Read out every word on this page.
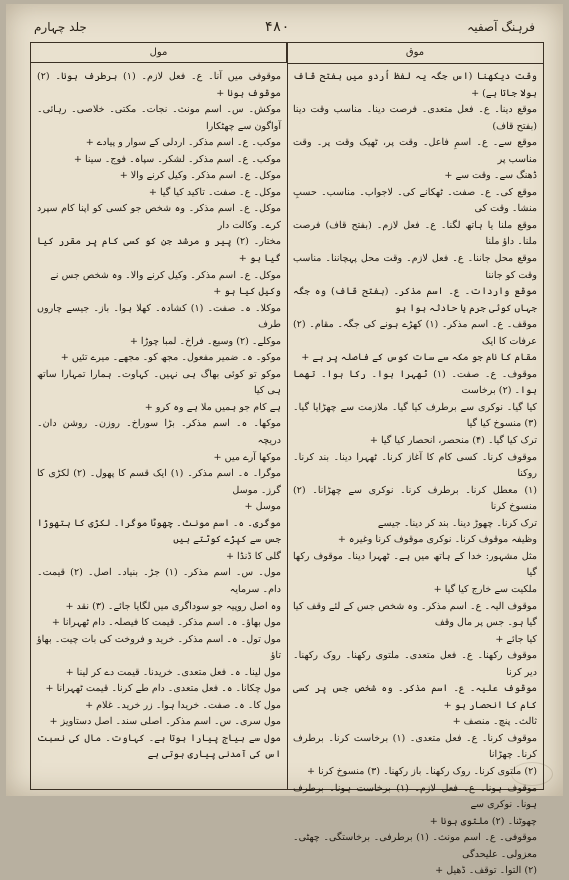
جلد چہارم	۴۸۰	فرہنگ آصفیہ
مول	موق

وقت دیکھنا (اس جگہ یہ لفظ اُردو میں بفتح قاف بولا جاتا ہے) +

موقع دینا۔ ع۔ فعل متعدی۔ فرصت دینا۔ مناسب وقت دینا (بفتح قاف)

موقع سے۔ ع۔ اسمِ فاعل۔ وقت پر، ٹھیک وقت پر۔ وقت مناسب پر

ڈھنگ سے۔ وقت سے +

موقع کی۔ ع۔ صفت۔ ٹھکانے کی۔ لاجواب۔ مناسب۔ حسبِ منشا۔ وقت کی

موقع ملنا یا ہاتھ لگنا۔ ع۔ فعل لازم۔ (بفتح قاف) فرصت ملنا۔ داؤ ملنا

موقع محل جاننا۔ ع۔ فعل لازم۔ وقت محل پہچاننا۔ مناسب وقت کو جاننا

موقع واردات۔ ع۔ اسم مذکر۔ (بفتح قاف) وہ جگہ جہاں کوئی جرم یا حادثہ ہوا ہو

موقف۔ ع۔ اسم مذکر۔ (۱) کھڑے ہونے کی جگہ۔ مقام۔ (۲) عرفات کا ایک

مقام کا نام جو مکہ سے سات کوس کے فاصلہ پر ہے +

موقوف۔ ع۔ صفت۔ (۱) ٹھہرا ہوا۔ رکا ہوا۔ تھما ہوا۔ (۲) برخاست

کیا گیا۔ نوکری سے برطرف کیا گیا۔ ملازمت سے چھڑایا گیا۔ (۳) منسوخ کیا گیا

ترک کیا گیا۔ (۴) منحصر، انحصار کیا گیا +

موقوف کرنا۔ کسی کام کا آغاز کرنا۔ ٹھہرا دینا۔ بند کرنا۔ روکنا

(۱) معطل کرنا۔ برطرف کرنا۔ نوکری سے چھڑانا۔ (۲) منسوخ کرنا

ترک کرنا۔ چھوڑ دینا۔ بند کر دینا۔ جیسے

وظیفہ موقوف کرنا۔ نوکری موقوف کرنا وغیرہ +

مثل مشہور: خدا کے ہاتھ میں ہے۔ ٹھہرا دینا۔ موقوف رکھا گیا

ملکیت سے خارج کیا گیا +

موقوف الیہ۔ ع۔ اسم مذکر۔ وہ شخص جس کے لئے وقف کیا گیا ہو۔ جس پر مال وقف

کیا جائے +

موقوف رکھنا۔ ع۔ فعل متعدی۔ ملتوی رکھنا۔ روک رکھنا۔ دیر کرنا

موقوف علیہ۔ ع۔ اسم مذکر۔ وہ شخص جس پر کسی کام کا انحصار ہو +

ثالث۔ پنچ۔ منصف +

موقوف کرنا۔ ع۔ فعل متعدی۔ (۱) برخاست کرنا۔ برطرف کرنا۔ چھڑانا

(۲) ملتوی کرنا۔ روک رکھنا۔ باز رکھنا۔ (۳) منسوخ کرنا +

موقوف ہونا۔ ع۔ فعل لازم۔ (۱) برخاست ہونا۔ برطرف ہونا۔ نوکری سے

چھوٹنا۔ (۲) ملتوی ہونا +

موقوفی۔ ع۔ اسم مونث۔ (۱) برطرفی۔ برخاستگی۔ چھٹی۔ معزولی۔ علیحدگی

(۲) التوا۔ توقف۔ ڈھیل +

موقوفی میں آنا۔ ع۔ فعل لازم۔ (۱) برطرف ہونا۔ (۲) موقوف ہونا +

موکش۔ س۔ اسم مونث۔ نجات۔ مکتی۔ خلاصی۔ رہائی۔ آواگون سے چھٹکارا

موکب۔ ع۔ اسم مذکر۔ اردلی کے سوار و پیادے +

موکب۔ ع۔ اسم مذکر۔ لشکر۔ سپاہ۔ فوج۔ سینا +

موکل۔ ع۔ اسم مذکر۔ وکیل کرنے والا +

موکل۔ ع۔ صفت۔ تاکید کیا گیا +

موکل۔ ع۔ اسم مذکر۔ وہ شخص جو کسی کو اپنا کام سپرد کرے۔ وکالت دار

مختار۔ (۲) پیر و مرشد جن کو کسی کام پر مقرر کیا گیا ہو +

موکل۔ ع۔ اسم مذکر۔ وکیل کرنے والا۔ وہ شخص جس نے

وکیل کیا ہو +

موکلا۔ ہ۔ صفت۔ (۱) کشادہ۔ کھلا ہوا۔ باز۔ جیسے چاروں طرف

موکلے۔ (۲) وسیع۔ فراخ۔ لمبا چوڑا +

موکو۔ ہ۔ ضمیر مفعول۔ مجھ کو۔ مجھے۔ میرے تئیں +

موکو تو کوئی بھاگ ہی نہیں۔ کہاوت۔ ہمارا تمہارا ساتھ ہی کیا

ہے کام جو ہمیں ملا ہے وہ کرو +

موکھا۔ ہ۔ اسم مذکر۔ بڑا سوراخ۔ روزن۔ روشن دان۔ دریچہ

موکھا آرے میں +

موگرا۔ ہ۔ اسم مذکر۔ (۱) ایک قسم کا پھول۔ (۲) لکڑی کا گرز۔ موسل

موسل +

موگری۔ ہ۔ اسم مونث۔ چھوٹا موگرا۔ لکڑی کا ہتھوڑا جس سے کپڑے کوٹتے ہیں

گلی کا ڈنڈا +

مول۔ س۔ اسم مذکر۔ (۱) جڑ۔ بنیاد۔ اصل۔ (۲) قیمت۔ دام۔ سرمایہ

وہ اصل روپیہ جو سوداگری میں لگایا جائے۔ (۳) نقد +

مول بھاؤ۔ ہ۔ اسم مذکر۔ قیمت کا فیصلہ۔ دام ٹھہرانا +

مول تول۔ ہ۔ اسم مذکر۔ خرید و فروخت کی بات چیت۔ بھاؤ تاؤ

مول لینا۔ ہ۔ فعل متعدی۔ خریدنا۔ قیمت دے کر لینا +

مول چکانا۔ ہ۔ فعل متعدی۔ دام طے کرنا۔ قیمت ٹھہرانا +

مول کا۔ ہ۔ صفت۔ خریدا ہوا۔ زر خرید۔ غلام +

مول سری۔ س۔ اسم مذکر۔ اصلی سند۔ اصل دستاویز +

مول سے بیاج پیارا ہوتا ہے۔ کہاوت۔ مال کی نسبت اس کی آمدنی پیاری ہوتی ہے
